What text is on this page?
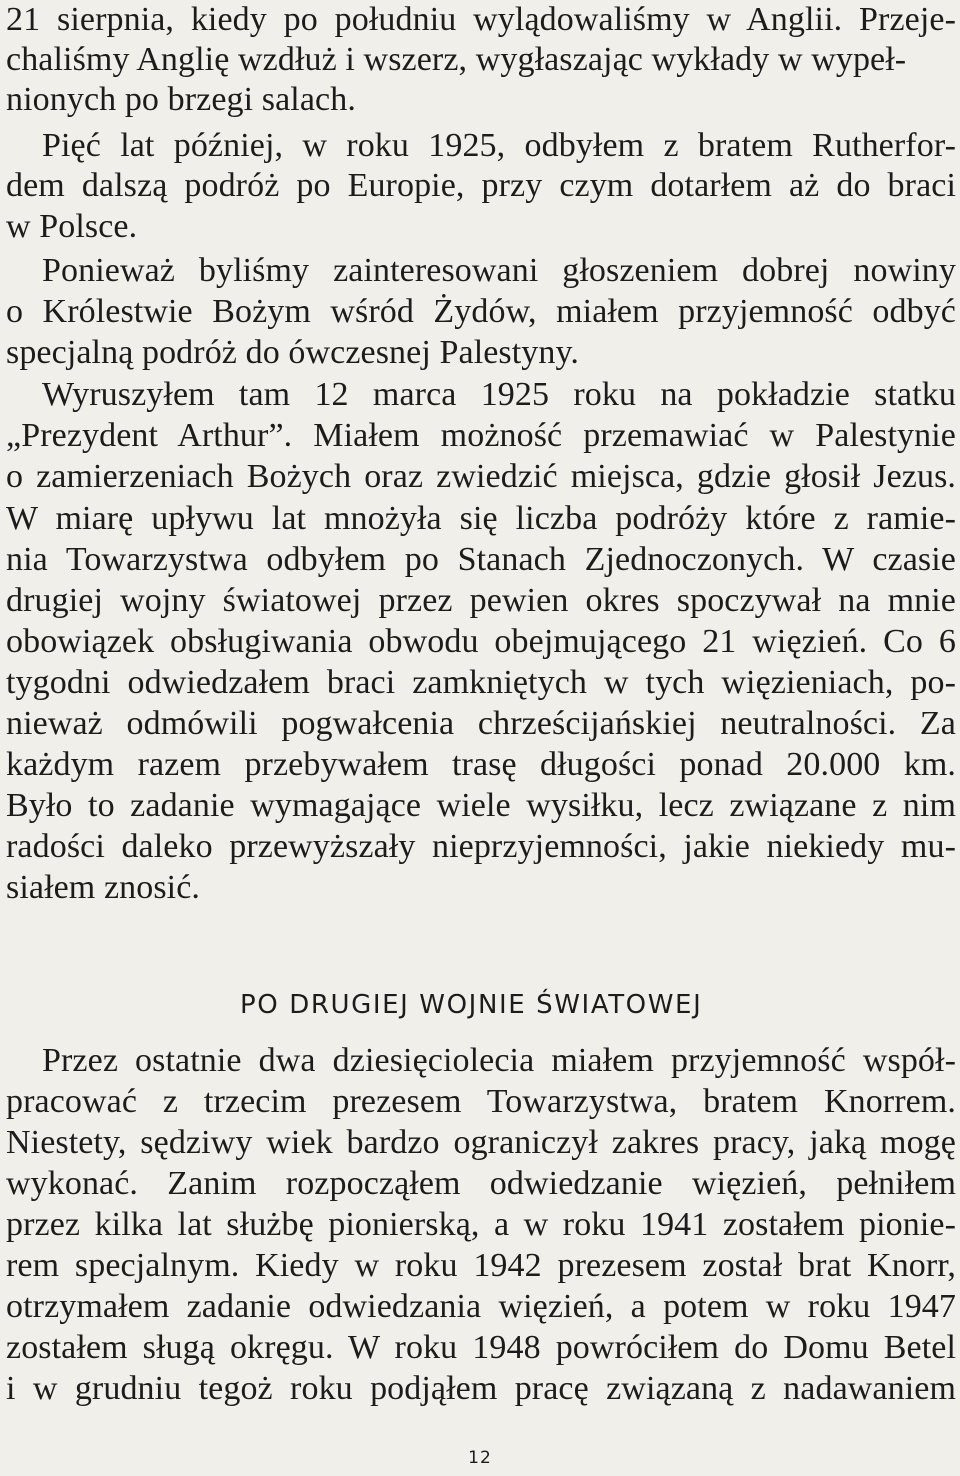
21 sierpnia, kiedy po południu wylądowaliśmy w Anglii. Przeje-
chaliśmy Anglię wzdłuż i wszerz, wygłaszając wykłady w wypeł-
nionych po brzegi salach.
Pięć lat później, w roku 1925, odbyłem z bratem Rutherfor-
dem dalszą podróż po Europie, przy czym dotarłem aż do braci
w Polsce.
Ponieważ byliśmy zainteresowani głoszeniem dobrej nowiny
o Królestwie Bożym wśród Żydów, miałem przyjemność odbyć
specjalną podróż do ówczesnej Palestyny.
Wyruszyłem tam 12 marca 1925 roku na pokładzie statku
„Prezydent Arthur”. Miałem możność przemawiać w Palestynie
o zamierzeniach Bożych oraz zwiedzić miejsca, gdzie głosił Jezus.
W miarę upływu lat mnożyła się liczba podróży które z ramie-
nia Towarzystwa odbyłem po Stanach Zjednoczonych. W czasie
drugiej wojny światowej przez pewien okres spoczywał na mnie
obowiązek obsługiwania obwodu obejmującego 21 więzień. Co 6
tygodni odwiedzałem braci zamkniętych w tych więzieniach, po-
nieważ odmówili pogwałcenia chrześcijańskiej neutralności. Za
każdym razem przebywałem trasę długości ponad 20.000 km.
Było to zadanie wymagające wiele wysiłku, lecz związane z nim
radości daleko przewyższały nieprzyjemności, jakie niekiedy mu-
siałem znosić.
Przez ostatnie dwa dziesięciolecia miałem przyjemność współ-
pracować z trzecim prezesem Towarzystwa, bratem Knorrem.
Niestety, sędziwy wiek bardzo ograniczył zakres pracy, jaką mogę
wykonać. Zanim rozpocząłem odwiedzanie więzień, pełniłem
przez kilka lat służbę pionierską, a w roku 1941 zostałem pionie-
rem specjalnym. Kiedy w roku 1942 prezesem został brat Knorr,
otrzymałem zadanie odwiedzania więzień, a potem w roku 1947
zostałem sługą okręgu. W roku 1948 powróciłem do Domu Betel
i w grudniu tegoż roku podjąłem pracę związaną z nadawaniem
PO DRUGIEJ WOJNIE ŚWIATOWEJ
12
